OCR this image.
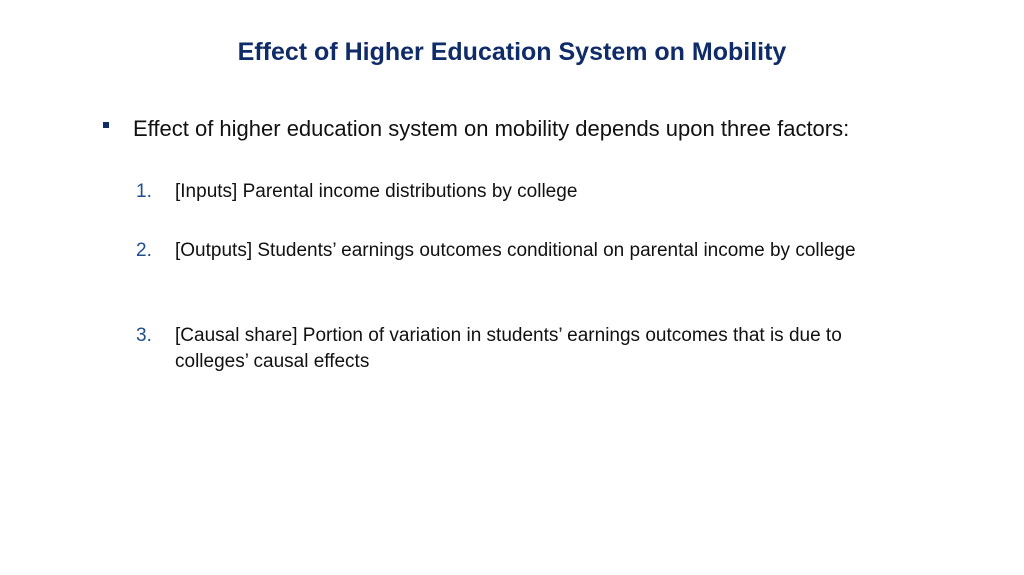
Effect of Higher Education System on Mobility
Effect of higher education system on mobility depends upon three factors:
1. [Inputs] Parental income distributions by college
2. [Outputs] Students’ earnings outcomes conditional on parental income by college
3. [Causal share] Portion of variation in students’ earnings outcomes that is due to colleges’ causal effects
